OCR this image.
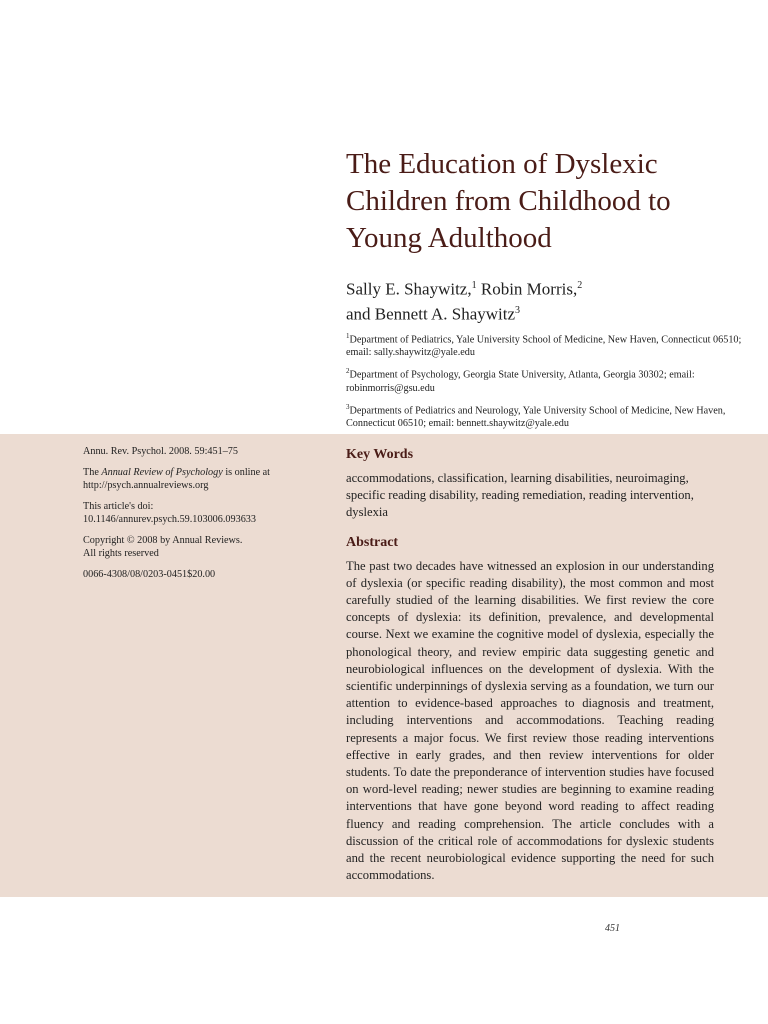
The Education of Dyslexic Children from Childhood to Young Adulthood

Sally E. Shaywitz,$^1$ Robin Morris,$^2$
and Bennett A. Shaywitz$^3$

$^1$Department of Pediatrics, Yale University School of Medicine, New Haven, Connecticut 06510; email: sally.shaywitz@yale.edu

$^2$Department of Psychology, Georgia State University, Atlanta, Georgia 30302; email: robinmorris@gsu.edu

$^3$Departments of Pediatrics and Neurology, Yale University School of Medicine, New Haven, Connecticut 06510; email: bennett.shaywitz@yale.edu

Annu. Rev. Psychol. 2008. 59:451–75

The Annual Review of Psychology is online at
http://psych.annualreviews.org

This article's doi:
10.1146/annurev.psych.59.103006.093633

Copyright © 2008 by Annual Reviews.
All rights reserved

0066-4308/08/0203-0451$20.00

Key Words

accommodations, classification, learning disabilities, neuroimaging, specific reading disability, reading remediation, reading intervention, dyslexia

Abstract

The past two decades have witnessed an explosion in our understanding of dyslexia (or specific reading disability), the most common and most carefully studied of the learning disabilities. We first review the core concepts of dyslexia: its definition, prevalence, and developmental course. Next we examine the cognitive model of dyslexia, especially the phonological theory, and review empiric data suggesting genetic and neurobiological influences on the development of dyslexia. With the scientific underpinnings of dyslexia serving as a foundation, we turn our attention to evidence-based approaches to diagnosis and treatment, including interventions and accommodations. Teaching reading represents a major focus. We first review those reading interventions effective in early grades, and then review interventions for older students. To date the preponderance of intervention studies have focused on word-level reading; newer studies are beginning to examine reading interventions that have gone beyond word reading to affect reading fluency and reading comprehension. The article concludes with a discussion of the critical role of accommodations for dyslexic students and the recent neurobiological evidence supporting the need for such accommodations.

451
